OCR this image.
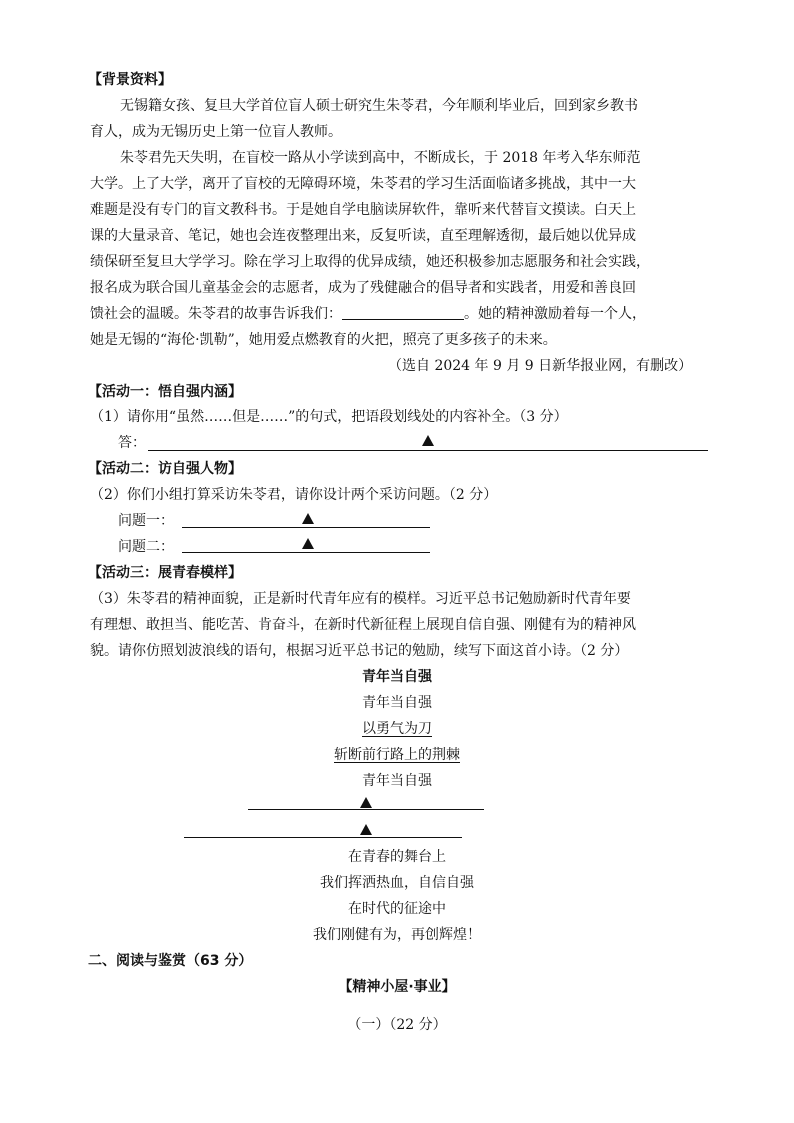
【背景资料】
无锡籍女孩、复旦大学首位盲人硕士研究生朱苓君，今年顺利毕业后，回到家乡教书
育人，成为无锡历史上第一位盲人教师。
朱苓君先天失明，在盲校一路从小学读到高中，不断成长，于 2018 年考入华东师范
大学。上了大学，离开了盲校的无障碍环境，朱苓君的学习生活面临诸多挑战，其中一大
难题是没有专门的盲文教科书。于是她自学电脑读屏软件，靠听来代替盲文摸读。白天上
课的大量录音、笔记，她也会连夜整理出来，反复听读，直至理解透彻，最后她以优异成
绩保研至复旦大学学习。除在学习上取得的优异成绩，她还积极参加志愿服务和社会实践，
报名成为联合国儿童基金会的志愿者，成为了残健融合的倡导者和实践者，用爱和善良回
馈社会的温暖。朱苓君的故事告诉我们：	。她的精神激励着每一个人，
她是无锡的“海伦·凯勒”，她用爱点燃教育的火把，照亮了更多孩子的未来。
（选自 2024 年 9 月 9 日新华报业网，有删改）
【活动一：悟自强内涵】
（1）请你用“虽然……但是……”的句式，把语段划线处的内容补全。（3 分）
答：
【活动二：访自强人物】
（2）你们小组打算采访朱苓君，请你设计两个采访问题。（2 分）
问题一：
问题二：
【活动三：展青春模样】
（3）朱苓君的精神面貌，正是新时代青年应有的模样。习近平总书记勉励新时代青年要
有理想、敢担当、能吃苦、肯奋斗，在新时代新征程上展现自信自强、刚健有为的精神风
貌。请你仿照划波浪线的语句，根据习近平总书记的勉励，续写下面这首小诗。（2 分）
青年当自强
青年当自强
以勇气为刀
斩断前行路上的荆棘
青年当自强
在青春的舞台上
我们挥洒热血，自信自强
在时代的征途中
我们刚健有为，再创辉煌！
二、阅读与鉴赏（63 分）
【精神小屋·事业】
（一）（22 分）
